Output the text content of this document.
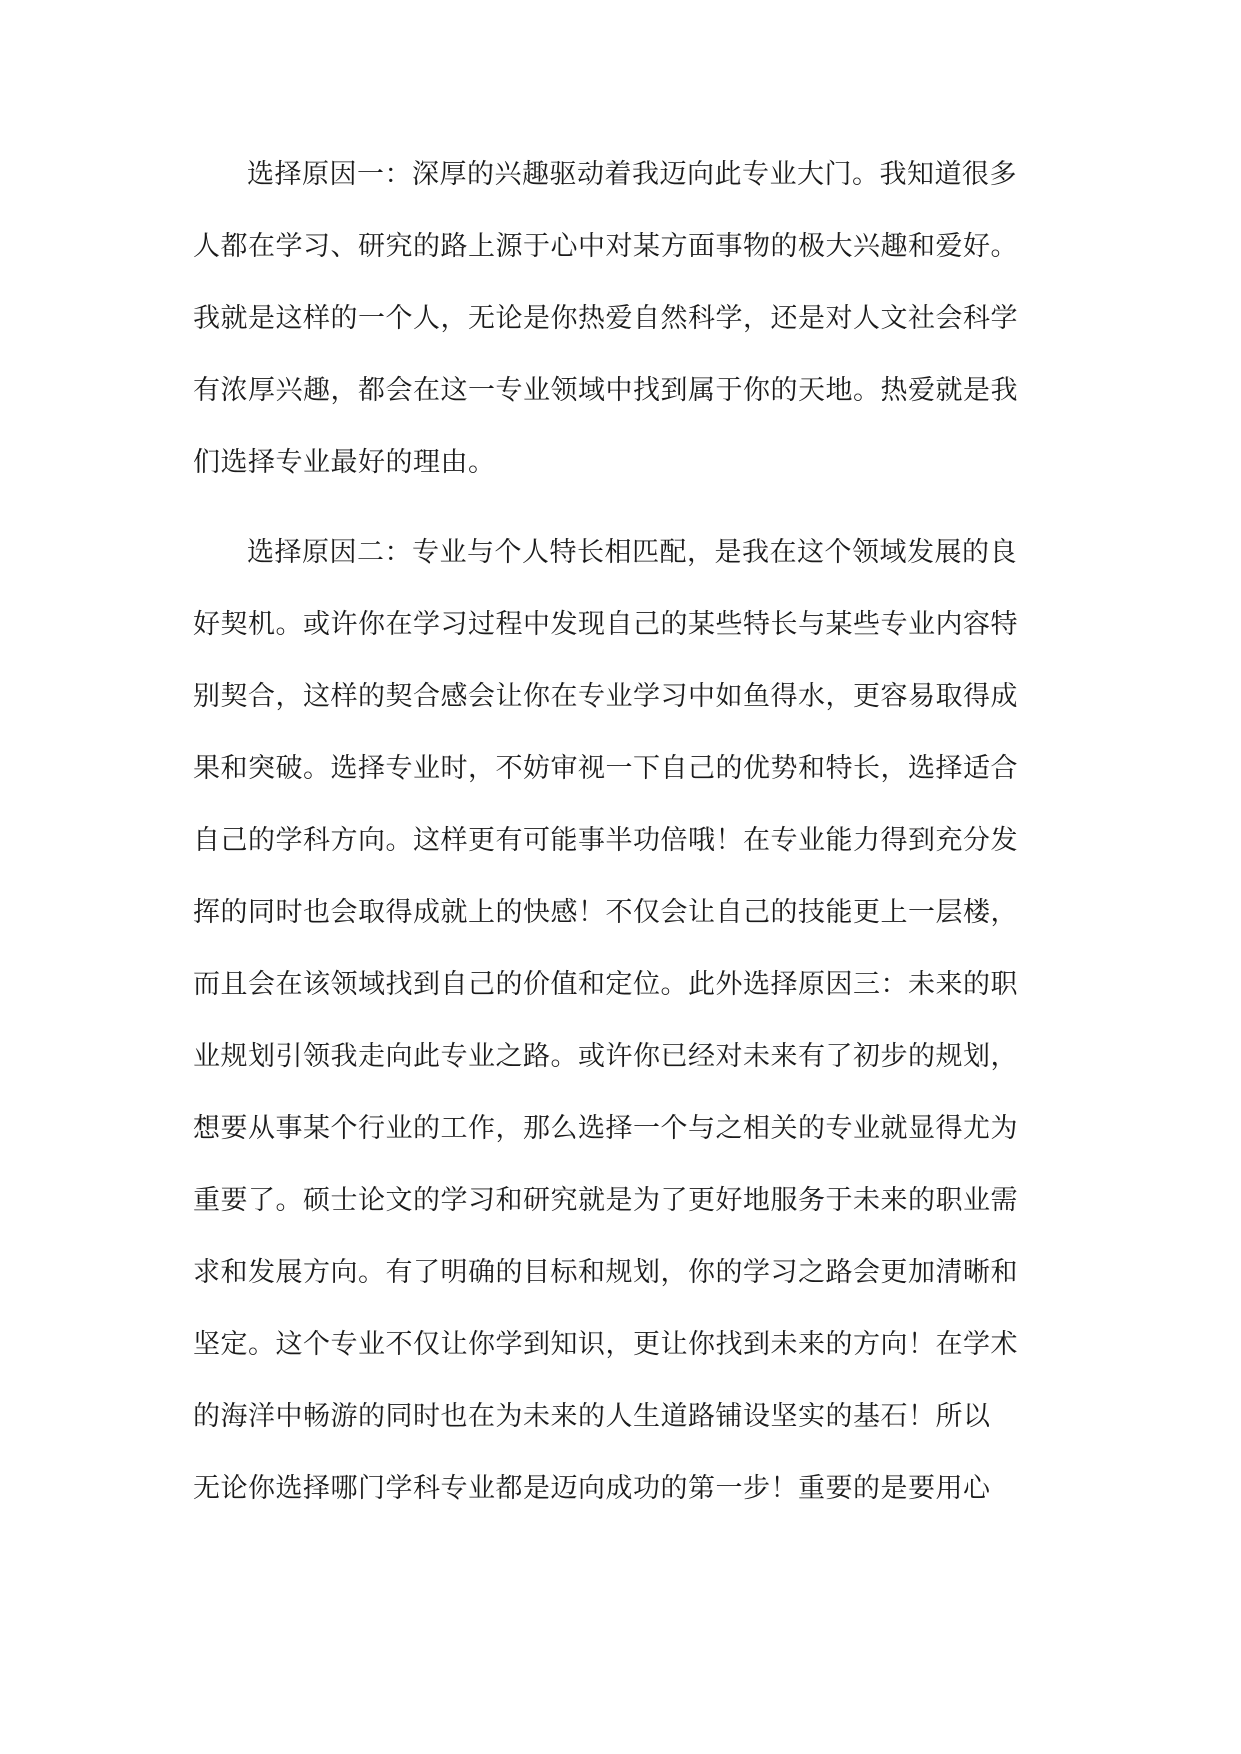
选择原因一：深厚的兴趣驱动着我迈向此专业大门。我知道很多
人都在学习、研究的路上源于心中对某方面事物的极大兴趣和爱好。
我就是这样的一个人，无论是你热爱自然科学，还是对人文社会科学
有浓厚兴趣，都会在这一专业领域中找到属于你的天地。热爱就是我
们选择专业最好的理由。
选择原因二：专业与个人特长相匹配，是我在这个领域发展的良
好契机。或许你在学习过程中发现自己的某些特长与某些专业内容特
别契合，这样的契合感会让你在专业学习中如鱼得水，更容易取得成
果和突破。选择专业时，不妨审视一下自己的优势和特长，选择适合
自己的学科方向。这样更有可能事半功倍哦！在专业能力得到充分发
挥的同时也会取得成就上的快感！不仅会让自己的技能更上一层楼，
而且会在该领域找到自己的价值和定位。此外选择原因三：未来的职
业规划引领我走向此专业之路。或许你已经对未来有了初步的规划，
想要从事某个行业的工作，那么选择一个与之相关的专业就显得尤为
重要了。硕士论文的学习和研究就是为了更好地服务于未来的职业需
求和发展方向。有了明确的目标和规划，你的学习之路会更加清晰和
坚定。这个专业不仅让你学到知识，更让你找到未来的方向！在学术
的海洋中畅游的同时也在为未来的人生道路铺设坚实的基石！所以
无论你选择哪门学科专业都是迈向成功的第一步！重要的是要用心
